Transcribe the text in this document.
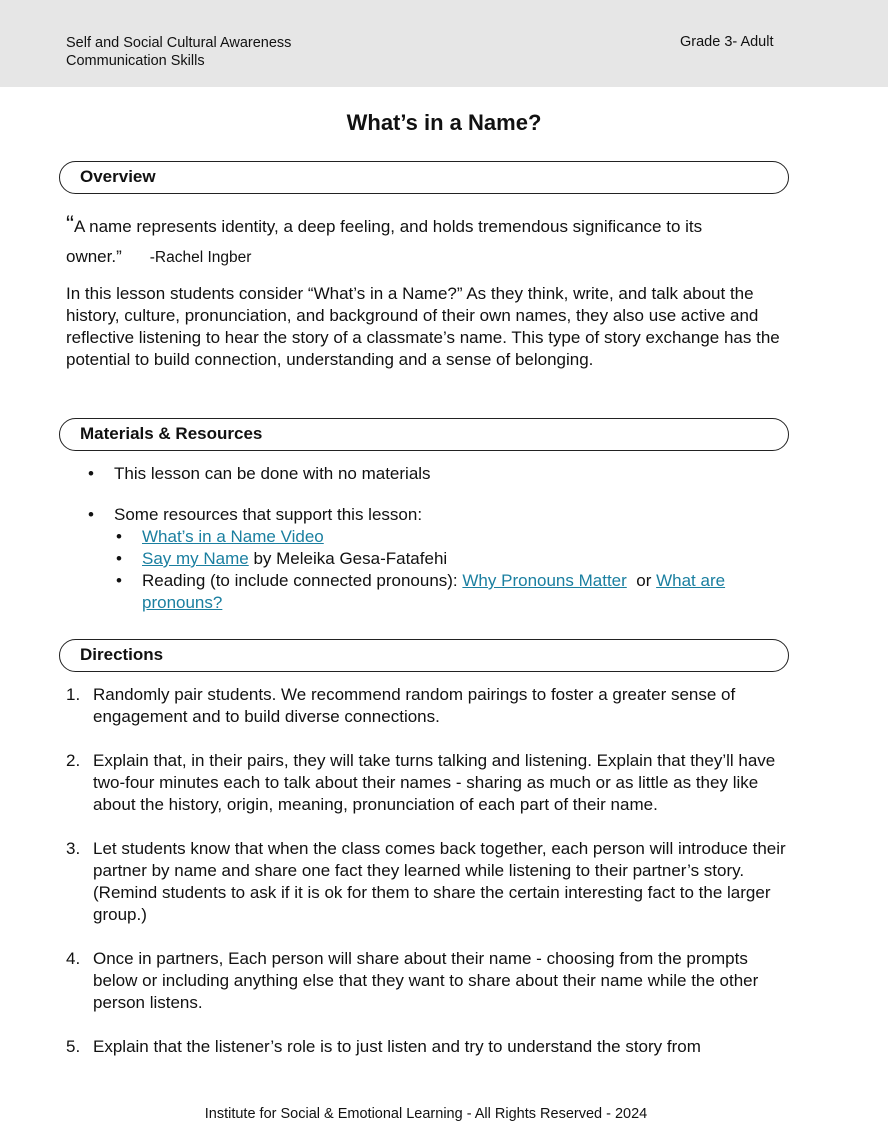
Self and Social Cultural Awareness
Communication Skills
Grade 3- Adult
What’s in a Name?
Overview
“A name represents identity, a deep feeling, and holds tremendous significance to its owner.” -Rachel Ingber

In this lesson students consider “What’s in a Name?” As they think, write, and talk about the history, culture, pronunciation, and background of their own names, they also use active and reflective listening to hear the story of a classmate’s name. This type of story exchange has the potential to build connection, understanding and a sense of belonging.

Materials & Resources
• This lesson can be done with no materials
• Some resources that support this lesson:
• What’s in a Name Video
• Say my Name by Meleika Gesa-Fatafehi
• Reading (to include connected pronouns): Why Pronouns Matter  or What are pronouns?
Directions
1. Randomly pair students. We recommend random pairings to foster a greater sense of engagement and to build diverse connections.
2. Explain that, in their pairs, they will take turns talking and listening. Explain that they’ll have two-four minutes each to talk about their names - sharing as much or as little as they like about the history, origin, meaning, pronunciation of each part of their name.
3. Let students know that when the class comes back together, each person will introduce their partner by name and share one fact they learned while listening to their partner’s story. (Remind students to ask if it is ok for them to share the certain interesting fact to the larger group.)
4. Once in partners, Each person will share about their name - choosing from the prompts below or including anything else that they want to share about their name while the other person listens.
5. Explain that the listener’s role is to just listen and try to understand the story from
Institute for Social & Emotional Learning - All Rights Reserved - 2024
